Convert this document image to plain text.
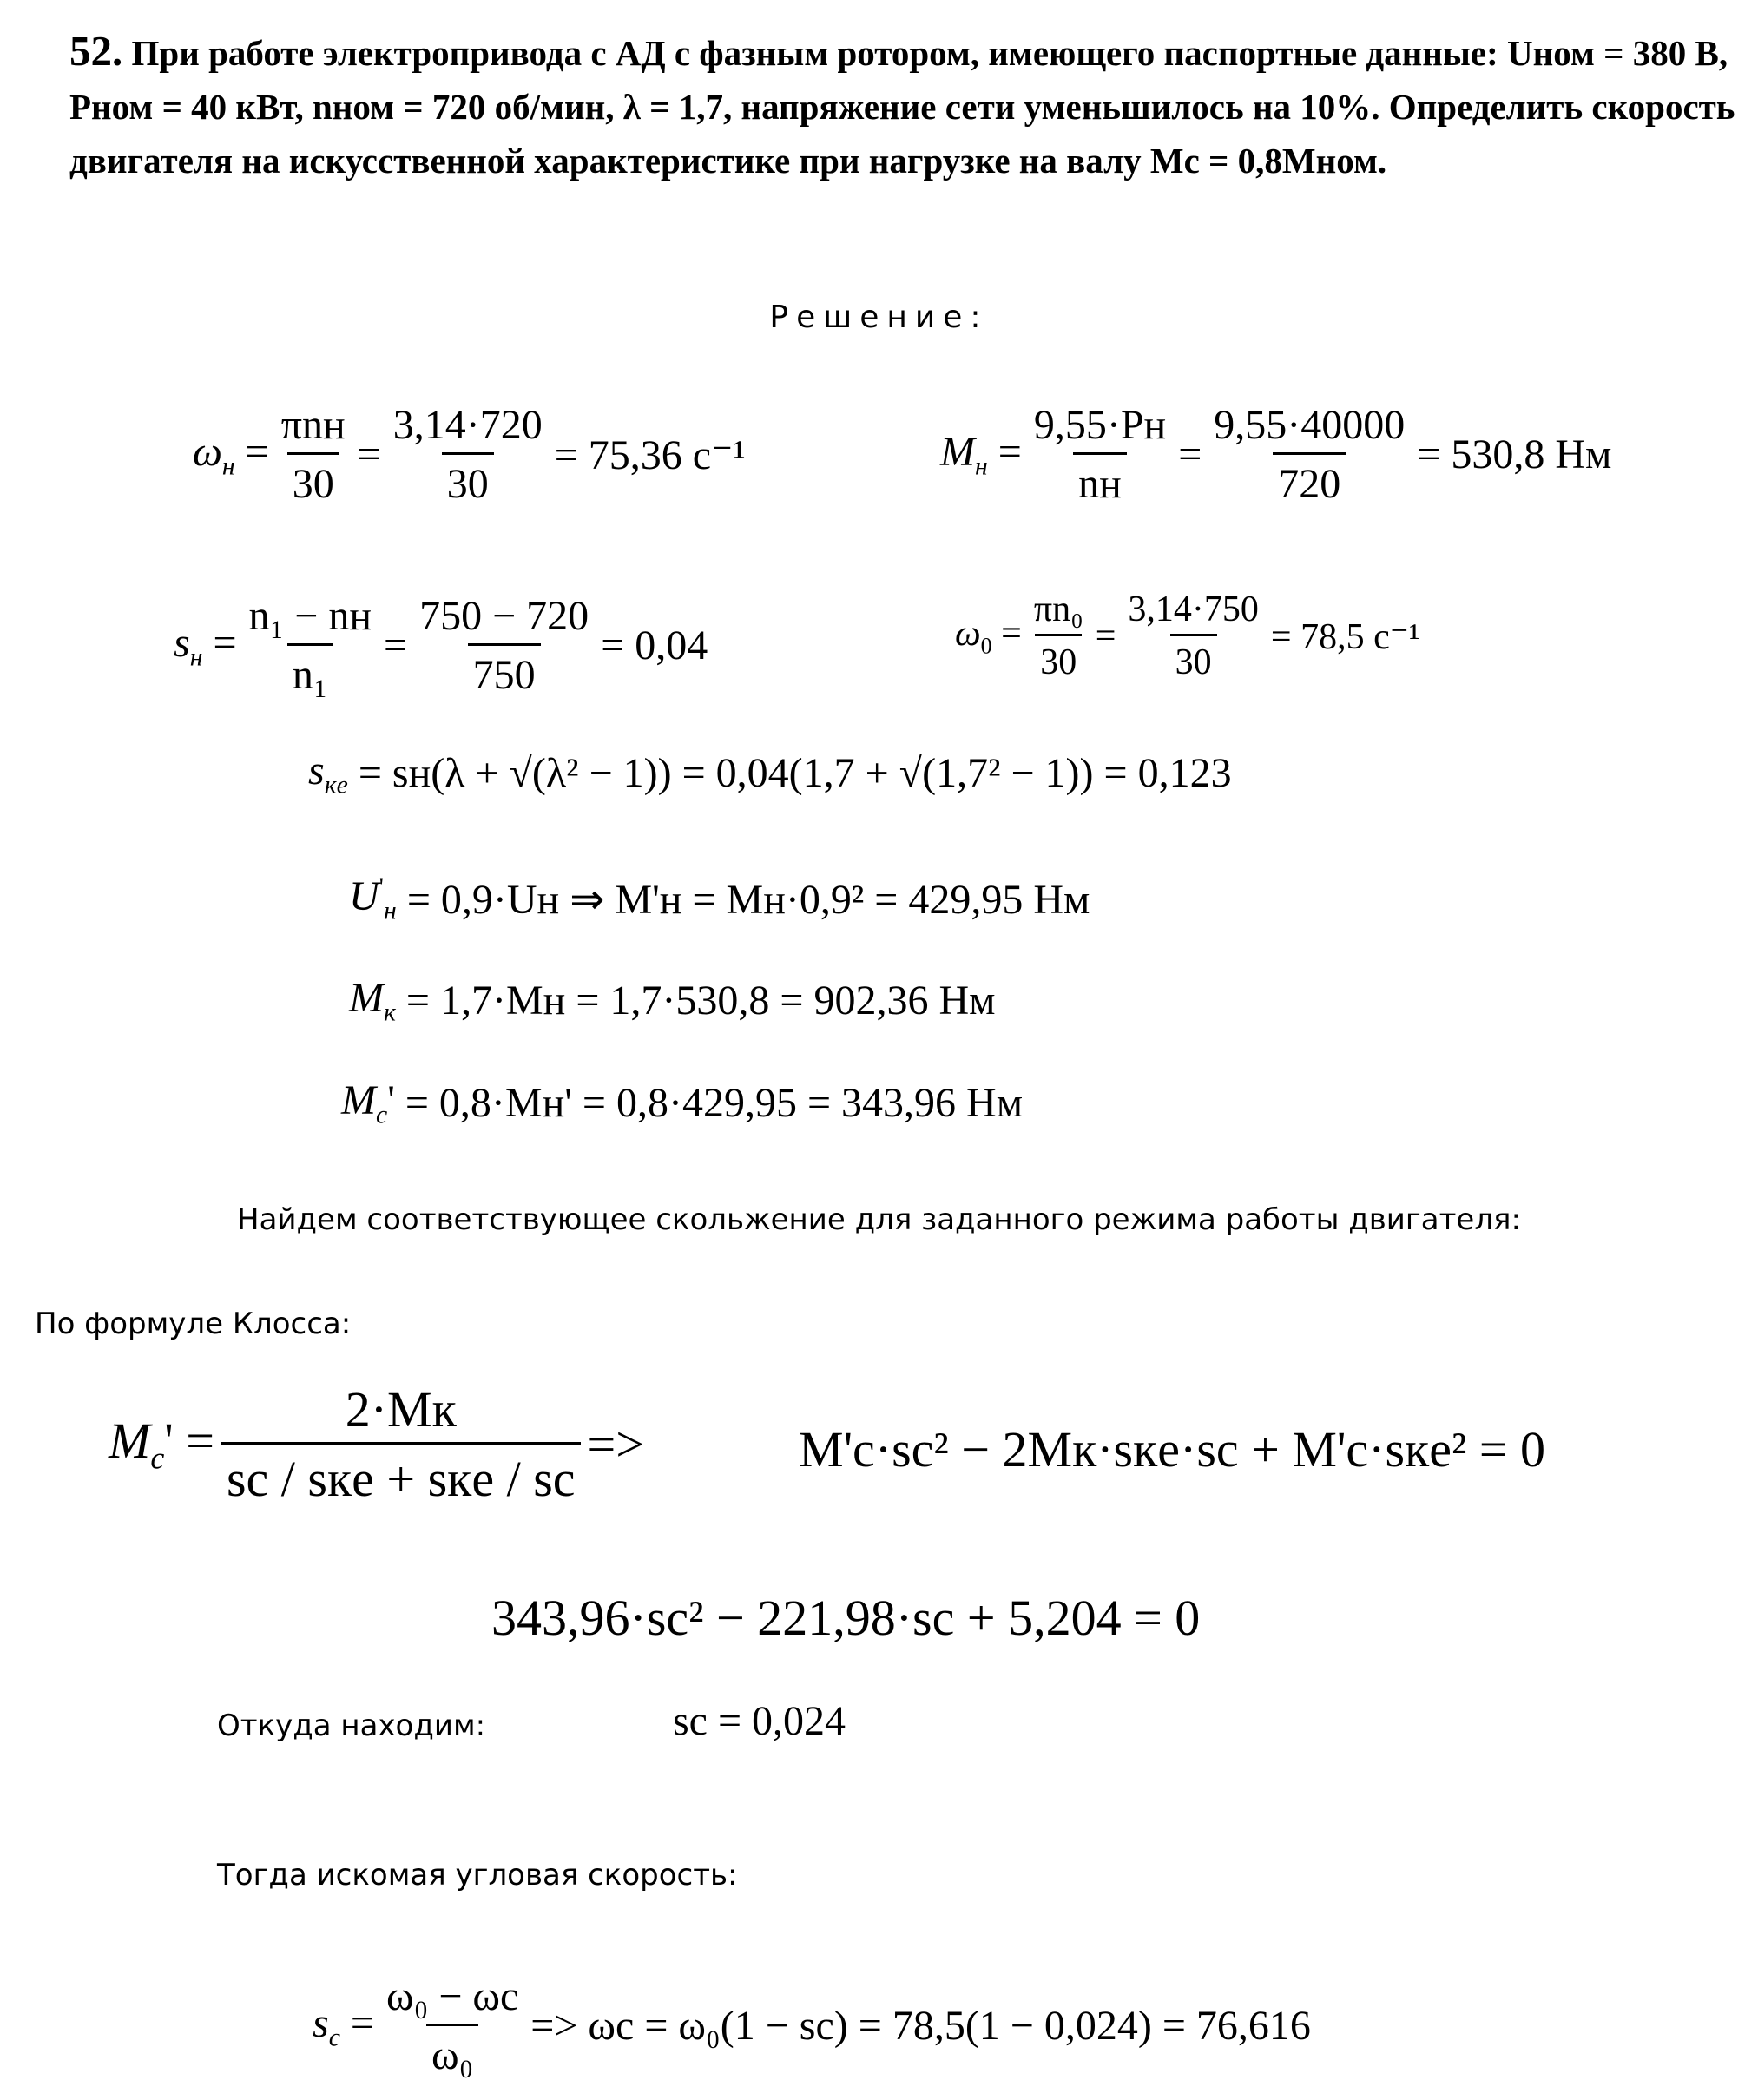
52. При работе электропривода с АД с фазным ротором, имеющего паспортные данные: Uном = 380 В, Pном = 40 кВт, nном = 720 об/мин, λ = 1,7, напряжение сети уменьшилось на 10%. Определить скорость двигателя на искусственной характеристике при нагрузке на валу Mc = 0,8Mном.
Решение:
$\omega_н = \frac{\text{πnн}}{30} = \frac{3,14\cdot 720}{30} = 75,36$ c⁻¹	$M_н = \frac{9,55\cdot Pн}{nн} = \frac{9,55\cdot 40000}{720} = 530,8$ Нм
$s_н = \frac{\text{n₁ − nн}}{\text{n₁}} = \frac{750 - 720}{750} = 0,04$	$\omega_0 = \frac{\text{πn₀}}{30} = \frac{3,14\cdot 750}{30} = 78,5$ c⁻¹
$s_{кe} = sн(\lambda + √(\lambda^2 - 1)) = 0,04(1,7 + √(1,7^2 - 1)) = 0,123$
$U'_н = 0,9\cdot Uн$ ⇒ M'н = Mн·0,9² = 429,95 Нм
$M_к = 1,7\cdot Mн = 1,7\cdot 530,8 = 902,36$ Нм
$M_c' = 0,8\cdot Mн' = 0,8\cdot 429,95 = 343,96$ Нм
Найдем соответствующее скольжение для заданного режима работы двигателя:
По формуле Клосса:
$M_c' = \frac{2\cdot Mк}{\text{sc / sкe + sкe / sc}}$ =>	M'c·sc² − 2Mк·sкe·sc + M'c·sкe² = 0
343,96·sc² − 221,98·sc + 5,204 = 0
Откуда находим:	sc = 0,024
Тогда искомая угловая скорость:
$s_c = \frac{\text{ω₀ − ωc}}{\text{ω₀}} => \omega c = \omega_0(1 - sc) = 78,5(1 - 0,024) = 76,616$
